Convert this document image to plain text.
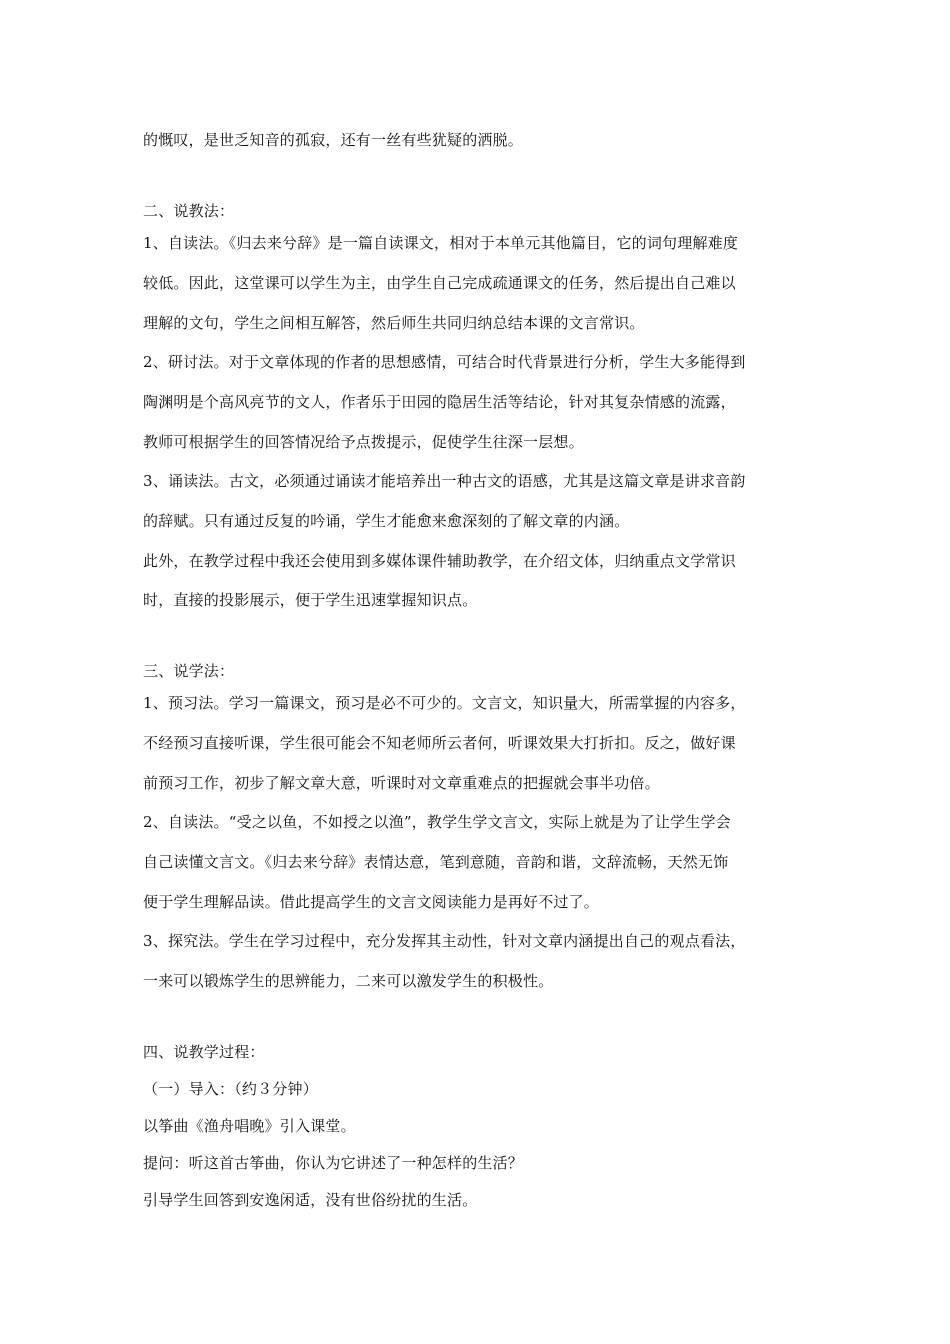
的慨叹，是世乏知音的孤寂，还有一丝有些犹疑的洒脱。
二、说教法：
1、自读法。《归去来兮辞》是一篇自读课文，相对于本单元其他篇目，它的词句理解难度
较低。因此，这堂课可以学生为主，由学生自己完成疏通课文的任务，然后提出自己难以
理解的文句，学生之间相互解答，然后师生共同归纳总结本课的文言常识。
2、研讨法。对于文章体现的作者的思想感情，可结合时代背景进行分析，学生大多能得到
陶渊明是个高风亮节的文人，作者乐于田园的隐居生活等结论，针对其复杂情感的流露，
教师可根据学生的回答情况给予点拨提示，促使学生往深一层想。
3、诵读法。古文，必须通过诵读才能培养出一种古文的语感，尤其是这篇文章是讲求音韵
的辞赋。只有通过反复的吟诵，学生才能愈来愈深刻的了解文章的内涵。
此外，在教学过程中我还会使用到多媒体课件辅助教学，在介绍文体，归纳重点文学常识
时，直接的投影展示，便于学生迅速掌握知识点。
三、说学法：
1、预习法。学习一篇课文，预习是必不可少的。文言文，知识量大，所需掌握的内容多，
不经预习直接听课，学生很可能会不知老师所云者何，听课效果大打折扣。反之，做好课
前预习工作，初步了解文章大意，听课时对文章重难点的把握就会事半功倍。
2、自读法。“受之以鱼，不如授之以渔”，教学生学文言文，实际上就是为了让学生学会
自己读懂文言文。《归去来兮辞》表情达意，笔到意随，音韵和谐，文辞流畅，天然无饰
便于学生理解品读。借此提高学生的文言文阅读能力是再好不过了。
3、探究法。学生在学习过程中，充分发挥其主动性，针对文章内涵提出自己的观点看法，
一来可以锻炼学生的思辨能力，二来可以激发学生的积极性。
四、说教学过程：
（一）导入：（约３分钟）
以筝曲《渔舟唱晚》引入课堂。
提问：听这首古筝曲，你认为它讲述了一种怎样的生活？
引导学生回答到安逸闲适，没有世俗纷扰的生活。
